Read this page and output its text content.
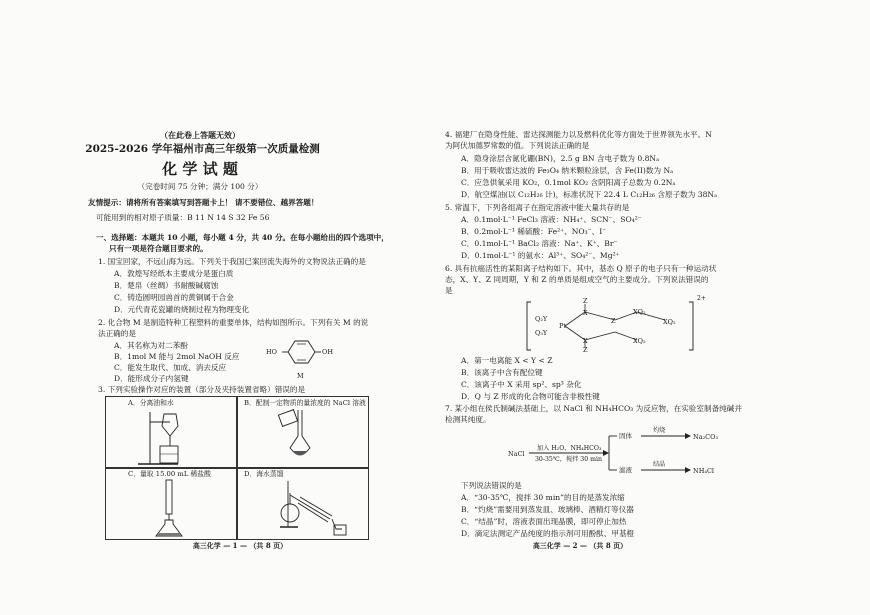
（在此卷上答题无效）
2025-2026 学年福州市高三年级第一次质量检测
化 学 试 题
（完卷时间 75 分钟；满分 100 分）
友情提示：请将所有答案填写到答题卡上！ 请不要错位、越界答题！
可能用到的相对原子质量：B 11 N 14 S 32 Fe 56
一、选择题：本题共 10 小题，每小题 4 分，共 40 分。在每小题给出的四个选项中，
只有一项是符合题目要求的。
1. 国宝回家，不远山海为远。下列关于我国已案回流失海外的文物说法正确的是
A．敦煌写经纸本主要成分是蛋白质
B．楚帛（丝绸）书耐酸碱腐蚀
C．铸造圆明园兽首的黄铜属于合金
D．元代青花瓷罐的烧制过程为物理变化
2. 化合物 M 是制造特种工程塑料的重要单体，结构如图所示。下列有关 M 的说
法正确的是
A．其名称为对二苯酚
B．1mol M 能与 2mol NaOH 反应
C．能发生取代、加成、消去反应
D．能形成分子内氢键
HO	OH
M
3. 下列实验操作对应的装置（部分及夹持装置省略）错误的是
A．分离油和水	B．配制一定物质的量浓度的 NaCl 溶液
C．量取 15.00 mL 稀盐酸	D．海水蒸馏
高三化学 — 1 — （共 8 页）
4. 福建厂在隐身性能、雷达探测能力以及燃料优化等方面处于世界领先水平。N
为阿伏加德罗常数的值。下列说法正确的是
A．隐身涂层含氮化硼(BN)，2.5 g BN 含电子数为 0.8Nₐ
B．用于吸收雷达波的 Fe₃O₄ 纳米颗粒涂层，含 Fe(II)数为 Nₐ
C．应急供氧采用 KO₂，0.1mol KO₂ 含阴阳离子总数为 0.2Nₐ
D．航空煤油(以 C₁₂H₂₆ 计)，标准状况下 22.4 L C₁₂H₂₆ 含原子数为 38Nₐ
5. 常温下，下列各组离子在指定溶液中能大量共存的是
A．0.1mol·L⁻¹ FeCl₃ 溶液：NH₄⁺、SCN⁻、SO₄²⁻
B．0.2mol·L⁻¹ 稀硫酸：Fe²⁺、NO₃⁻、I⁻
C．0.1mol·L⁻¹ BaCl₂ 溶液：Na⁺、K⁺、Br⁻
D．0.1mol·L⁻¹ 的氨水：Al³⁺、SO₄²⁻、Mg²⁺
6. 具有抗癌活性的某阳离子结构如下。其中，基态 Q 原子的电子只有一种运动状
态，X、Y、Z 同周期，Y 和 Z 的单质是组成空气的主要成分。下列说法错误的
是
2+
Q₂Y
Q₃Y
Pt
Z
Z
X
X
XQ₂
XQ₂
XQ₂
Z
A．第一电离能 X < Y < Z
B．该离子中含有配位键
C．该离子中 X 采用 sp²、sp³ 杂化
D．Q 与 Z 形成的化合物可能含非极性键
7. 某小组在侯氏制碱法基础上，以 NaCl 和 NH₄HCO₃ 为反应物，在实验室制备纯碱并
检测其纯度。
NaCl
加入 H₂O、NH₄HCO₃
30-35℃，搅拌 30 min
固体
灼烧
Na₂CO₃
滤液
结晶
NH₄Cl
下列说法错误的是
A．“30-35℃，搅拌 30 min”的目的是蒸发浓缩
B．“灼烧”需要用到蒸发皿、玻璃棒、酒精灯等仪器
C．“结晶”时，溶液表面出现晶膜，即可停止加热
D．滴定法测定产品纯度的指示剂可用酚酞、甲基橙
高三化学 — 2 — （共 8 页）
